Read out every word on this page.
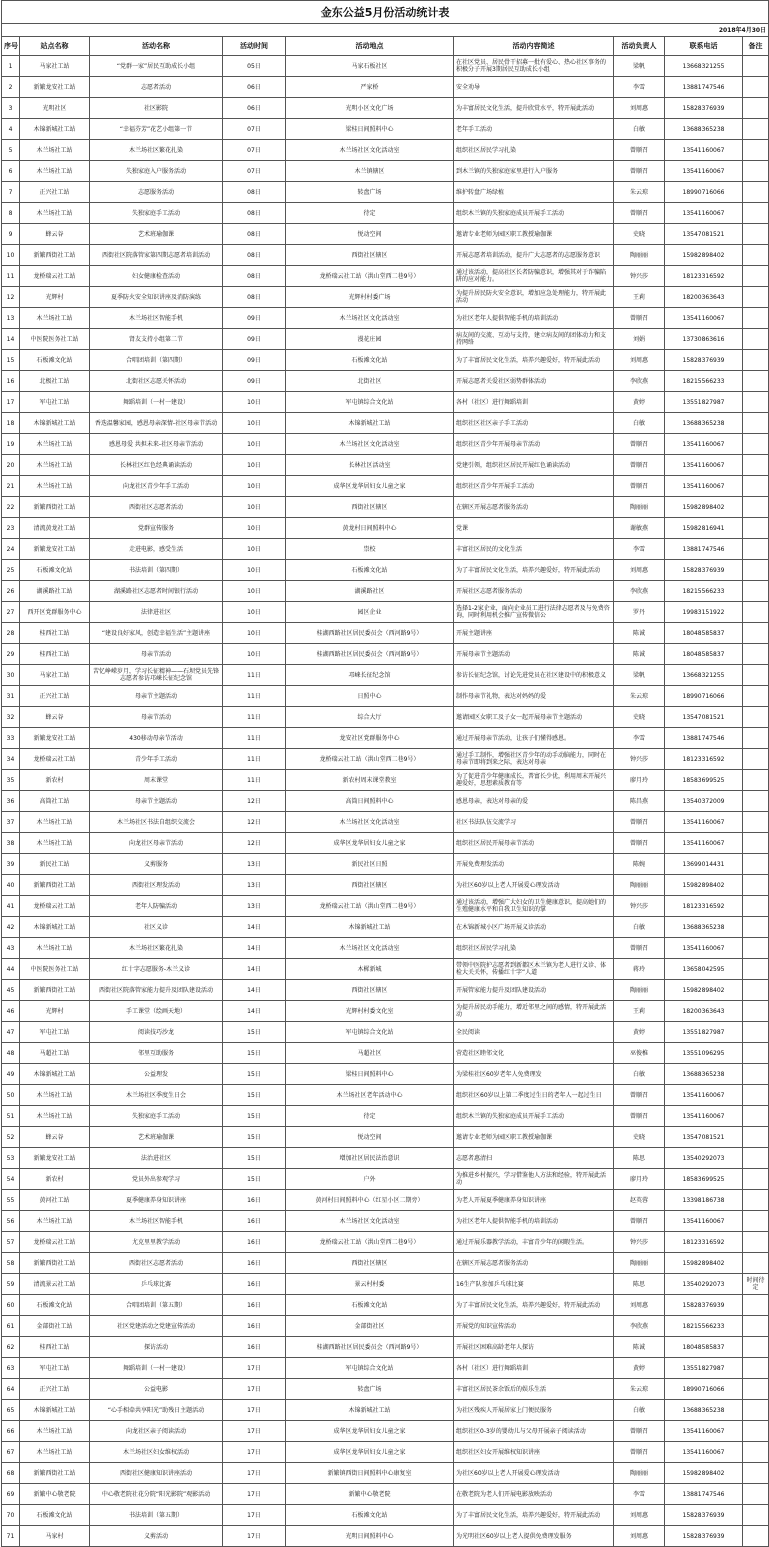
金东公益5月份活动统计表								
2018年4月30日								
序号	站点名称	活动名称	活动时间	活动地点	活动内容简述	活动负责人	联系电话	备注
1	马家社工站	“党群一家”居民互助成长小组	05日	马家石板社区	在社区党员、居民骨干招募一批有爱心、热心社区事务的积极分子开展3期居民互助成长小组	梁帆	13668321255	
2	新繁龙安社工站	志愿者活动	06日	严家桥	安全劝导	李雪	13881747546	
3	光明社区	社区影院	06日	光明小区文化广场	为丰富居民文化生活，提升欣赏水平，特开展此活动	刘周惠	15828376939	
4	木锦新城社工站	“幸福芬芳”花艺小组第一节	07日	梁桂日间照料中心	老年手工活动	白敏	13688365238	
5	木兰场社工站	木兰场社区繁花扎染	07日	木兰场社区文化活动室	组织社区居民学习扎染	曾顺召	13541160067	
6	木兰场社工站	失独家庭入户服务活动	07日	木兰镇辖区	到木兰镇的失独家庭家里进行入户服务	曾顺召	13541160067	
7	正兴社工站	志愿服务活动	08日	转盘广场	维护转盘广场绿植	朱云琼	18990716066	
8	木兰场社工站	失独家庭手工活动	08日	待定	组织木兰镇的失独家庭成员开展手工活动	曾顺召	13541160067	
9	蜂云谷	艺术班瑜伽课	08日	悦动空间	邀请专业老师为园区职工教授瑜伽课	史晓	13547081521	
10	新繁西街社工站	西街社区院落管家第四期志愿者培训活动	08日	西街社区辖区	开展志愿者培训活动，提升广大志愿者的志愿服务意识	陶丽丽	15982898402	
11	龙桥瑞云社工站	妇女健康检查活动	08日	龙桥瑞云社工站（洪山堂西二巷9号）	通过该活动，提高社区长者防骗意识，增强其对于诈骗陷阱的应对能力。	钟兴莎	18123316592	
12	光辉村	夏季防火安全知识讲座及消防演练	08日	光辉村村委广场	为提升居民防火安全意识，增加应急处理能力，特开展此活动	王莉	18200363643	
13	木兰场社工站	木兰场社区智能手机	09日	木兰场社区文化活动室	为社区老年人提供智能手机的培训活动	曾顺召	13541160067	
14	中医院医务社工站	肾友支持小组第二节	09日	漫花庄园	病友间的交流、互动与支持，建立病友间的团体动力和支持网络	刘娟	13730863616	
15	石板滩文化站	合唱团培训（第四期）	09日	石板滩文化站	为了丰富居民文化生活，培养兴趣爱好，特开展此活动	刘周惠	15828376939	
16	北极社工站	北街社区志愿关怀活动	09日	北街社区	开展志愿者关爱社区弱势群体活动	李欣燕	18215566233	
17	军屯社工站	舞蹈培训（一村一建设）	10日	军屯镇综合文化站	各村（社区）进行舞蹈培训	黄婷	13551827987	
18	木锦新城社工站	香迭温馨家园，感恩母亲深情-社区母亲节活动	10日	木锦新城社工站	组织社区社区亲子手工活动	白敏	13688365238	
19	木兰场社工站	感恩母爱 共担未来-社区母亲节活动	10日	木兰场社区文化活动室	组织社区青少年开展母亲节活动	曾顺召	13541160067	
20	木兰场社工站	长林社区红色经典诵读活动	10日	长林社区活动室	党建引领，组织社区居民开展红色诵读活动	曾顺召	13541160067	
21	木兰场社工站	向龙社区青少年手工活动	10日	成华区龙华居妇女儿童之家	组织社区青少年开展手工活动	曾顺召	13541160067	
22	新繁西街社工站	西街社区志愿者活动	10日	西街社区辖区	在辖区开展志愿者服务活动	陶丽丽	15982898402	
23	清流黄龙社工站	党群宣传服务	10日	黄龙村日间照料中心	党课	谢敏燕	15982816941	
24	新繁龙安社工站	走进电影，感受生活	10日	祟校	丰富社区居民的文化生活	李雪	13881747546	
25	石板滩文化站	书法培训（第四期）	10日	石板滩文化站	为了丰富居民文化生活，培养兴趣爱好，特开展此活动	刘周惠	15828376939	
26	湖溪路社工站	湖溪路社区志愿者时间银行活动	10日	湖溪路社区	开展社区志愿者服务活动	李欣燕	18215566233	
27	西开区党群服务中心	法律进社区	10日	园区企业	选择1-2家企业，面向企业员工进行法律志愿者及与免费咨询，同时利用机会推广宣传微信公	罗丹	19983151922	
28	桂西社工站	“建设良好家风，创造幸福生活”主题讲座	10日	桂湖西路社区居民委员会（西河路9号）	开展主题讲座	陈诚	18048585837	
29	桂西社工站	母亲节活动	10日	桂湖西路社区居民委员会（西河路9号）	开展母亲节主题活动	陈诚	18048585837	
30	马家社工站	苦忆峥嵘岁月，学习长征精神——石坝党员先锋志愿者参访邛崃长征纪念馆	11日	邛崃长征纪念馆	参访长征纪念馆，讨论先进党员在社区建设中的积极意义	梁帆	13668321255	
31	正兴社工站	母亲节主题活动	11日	日照中心	制作母亲节礼物，表达对妈妈的爱	朱云琼	18990716066	
32	蜂云谷	母亲节活动	11日	综合大厅	邀请园区女职工及子女一起开展母亲节主题活动	史晓	13547081521	
33	新繁龙安社工站	430移动母亲节活动	11日	龙安社区党群服务中心	通过开展母亲节活动，让孩子们懂得感恩。	李雪	13881747546	
34	龙桥瑞云社工站	青少年手工活动	11日	龙桥瑞云社工站（洪山堂西二巷9号）	通过手工制作，增强社区青少年的动手动脑能力，同时在母亲节即将到来之际，表达对母亲	钟兴莎	18123316592	
35	新农村	周末课堂	11日	新农村周末课堂教室	为了促进青少年健康成长，普富长少优，利用周末开展兴趣爱好，思想素质教育等	廖月玲	18583699525	
36	高筒社工站	母亲节主题活动	12日	高筒日间照料中心	感恩母亲，表达对母亲的爱	陈昌燕	13540372009	
37	木兰场社工站	木兰场社区书法自组织交流会	12日	木兰场社区文化活动室	社区书法队伍交流学习	曾顺召	13541160067	
38	木兰场社工站	向龙社区母亲节活动	12日	成华区龙华居妇女儿童之家	组织社区居民开展母亲节活动	曾顺召	13541160067	
39	新民社工站	义剪服务	13日	新民社区日照	开展免费理发活动	陈婉	13699014431	
40	新繁西街社工站	西街社区理发活动	13日	西街社区辖区	为社区60岁以上老人开展爱心理发活动	陶丽丽	15982898402	
41	龙桥瑞云社工站	老年人防骗活动	13日	龙桥瑞云社工站（洪山堂西二巷9号）	通过该活动，增强广大妇女的卫生健康意识，提高她们的生殖健康水平和自我卫生知识的掌	钟兴莎	18123316592	
42	木锦新城社工站	社区义诊	14日	木锦新城社工站	在木锦新城小区广场开展义诊活动	白敏	13688365238	
43	木兰场社工站	木兰场社区繁花扎染	14日	木兰场社区文化活动室	组织社区居民学习扎染	曾顺召	13541160067	
44	中医院医务社工站	红十字志愿服务-木兰义诊	14日	木樨新城	带领中医院护志愿者到新都区木兰镇为老人进行义诊、体检大关关怀，传播红十字“人道	蒋玲	13658042595	
45	新繁西街社工站	西街社区院落管家能力提升及团队建设活动	14日	西街社区辖区	开展管家能力提升及团队建设活动	陶丽丽	15982898402	
46	光辉村	手工课堂（绘画天地）	14日	光辉村村委文化室	为提升居民动手能力，增近邻里之间的感情，特开展此活动	王莉	18200363643	
47	军屯社工站	阅读技巧沙龙	15日	军屯镇综合文化站	全民阅读	黄婷	13551827987	
48	马超社工站	邻里互助服务	15日	马超社区	营造社区睦邻文化	巫俊椎	13551096295	
49	木锦新城社工站	公益理发	15日	梁桂日间照料中心	为梁桂社区60岁老年人免费理发	白敏	13688365238	
50	木兰场社工站	木兰场社区季度生日会	15日	木兰场社区老年活动中心	组织社区60岁以上第二季度过生日的老年人一起过生日	曾顺召	13541160067	
51	木兰场社工站	失独家庭手工活动	15日	待定	组织木兰镇的失独家庭成员开展手工活动	曾顺召	13541160067	
52	蜂云谷	艺术班瑜伽课	15日	悦动空间	邀请专业老师为园区职工教授瑜伽课	史晓	13547081521	
53	新繁龙安社工站	法治进社区	15日	增加社区居民法治意识	志愿者惠清扫	陈思	13540292073	
54	新农村	党员外出参观学习	15日	户外	为推进乡村振兴，学习借鉴他人方法和经验，特开展此活动	廖月玲	18583699525	
55	黄河社工站	夏季健康养身知识讲座	16日	黄河村日间照料中心（红星小区二期旁）	为老人开展夏季健康养身知识讲座	赵英蓉	13398186738	
56	木兰场社工站	木兰场社区智能手机	16日	木兰场社区文化活动室	为社区老年人提供智能手机的培训活动	曾顺召	13541160067	
57	龙桥瑞云社工站	尤克里里教学活动	16日	龙桥瑞云社工站（洪山堂西二巷9号）	通过开展乐器教学活动，丰富青少年的闲暇生活。	钟兴莎	18123316592	
58	新繁西街社工站	西街社区志愿者活动	16日	西街社区辖区	在辖区开展志愿者服务活动	陶丽丽	15982898402	
59	清流景云社工站	乒乓球比赛	16日	景云村村委	16生产队参加乒乓球比赛	陈思	13540292073	时间待定
60	石板滩文化站	合唱团培训（第五期）	16日	石板滩文化站	为了丰富居民文化生活，培养兴趣爱好，特开展此活动	刘周惠	15828376939	
61	金部街社工站	社区党建活动之党建宣传活动	16日	金部街社区	开展党的知识宣传活动	李欣燕	18215566233	
62	桂西社工站	探访活动	16日	桂湖西路社区居民委员会（西河路9号）	开展社区困难高龄老年人探访	陈诚	18048585837	
63	军屯社工站	舞蹈培训（一村一建设）	17日	军屯镇综合文化站	各村（社区）进行舞蹈培训	黄婷	13551827987	
64	正兴社工站	公益电影	17日	转盘广场	丰富社区居民茶余饭后的娱乐生活	朱云琼	18990716066	
65	木锦新城社工站	“心手相牵共享阳光”助残日主题活动	17日	木锦新城社工站	为社区残疾人开展居家上门便民服务	白敏	13688365238	
66	木兰场社工站	向龙社区亲子阅读活动	17日	成华区龙华居妇女儿童之家	组织社区0-3岁的婴幼儿与父母开展亲子阅读活动	曾顺召	13541160067	
67	木兰场社工站	木兰场社区妇女维权活动	17日	成华区龙华居妇女儿童之家	组织社区妇女开展维权知识讲座	曾顺召	13541160067	
68	新繁西街社工站	西街社区健康知识讲座活动	17日	新繁镇西街日间照料中心康复室	为社区60岁以上老人开展爱心理发活动	陶丽丽	15982898402	
69	新繁中心敬老院	中心敬老院社花分院“阳光影院”观影活动	17日	新繁中心敬老院	在敬老院为老人们开展电影放映活动	李雪	13881747546	
70	石板滩文化站	书法培训（第五期）	17日	石板滩文化站	为了丰富居民文化生活，培养兴趣爱好，特开展此活动	刘周惠	15828376939	
71	马家村	义剪活动	17日	光明日间照料中心	为光明社区60岁以上老人提供免费理发服务	刘周惠	15828376939	
